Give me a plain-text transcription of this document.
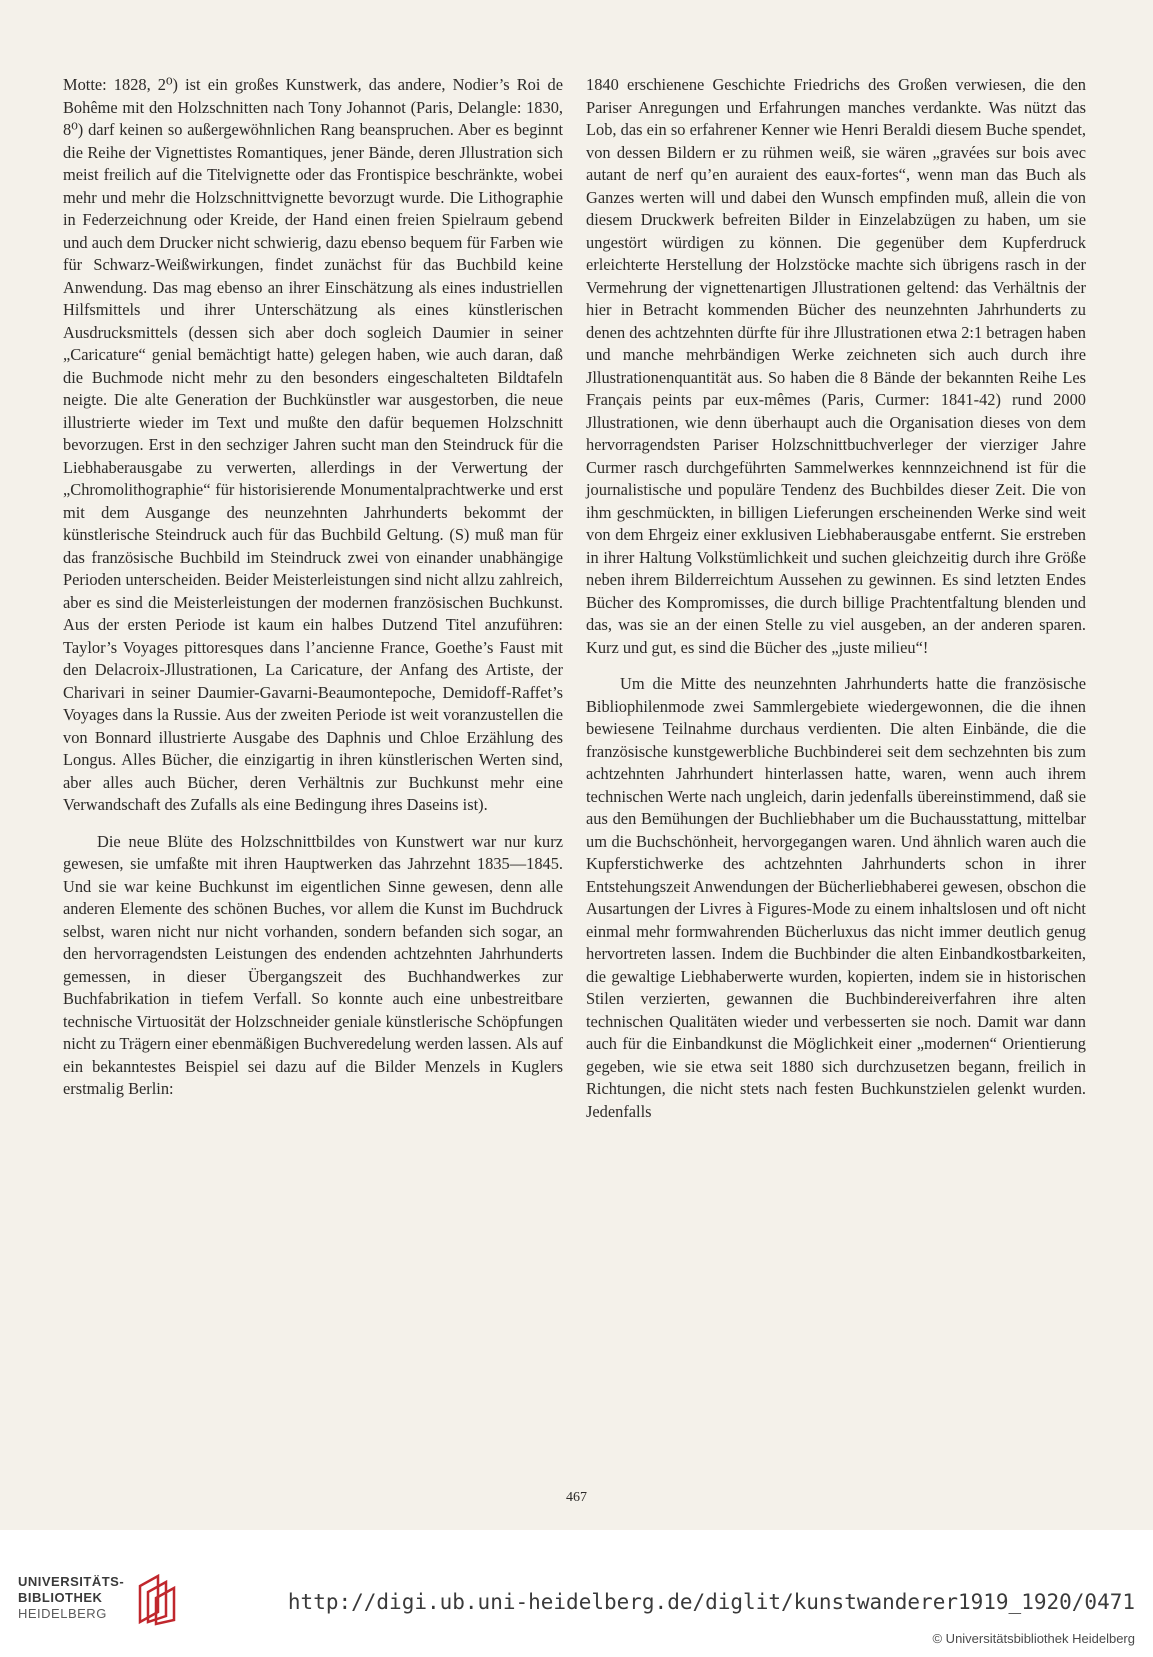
Motte: 1828, 2⁰) ist ein großes Kunstwerk, das andere, Nodier’s Roi de Bohême mit den Holzschnitten nach Tony Johannot (Paris, Delangle: 1830, 8⁰) darf keinen so außergewöhnlichen Rang beanspruchen. Aber es beginnt die Reihe der Vignettistes Romantiques, jener Bände, deren Jllustration sich meist freilich auf die Titelvignette oder das Frontispice beschränkte, wobei mehr und mehr die Holzschnittvignette bevorzugt wurde. Die Lithographie in Federzeichnung oder Kreide, der Hand einen freien Spielraum gebend und auch dem Drucker nicht schwierig, dazu ebenso bequem für Farben wie für Schwarz-Weißwirkungen, findet zunächst für das Buchbild keine Anwendung. Das mag ebenso an ihrer Einschätzung als eines industriellen Hilfsmittels und ihrer Unterschätzung als eines künstlerischen Ausdrucksmittels (dessen sich aber doch sogleich Daumier in seiner „Caricature“ genial bemächtigt hatte) gelegen haben, wie auch daran, daß die Buchmode nicht mehr zu den besonders eingeschalteten Bildtafeln neigte. Die alte Generation der Buchkünstler war ausgestorben, die neue illustrierte wieder im Text und mußte den dafür bequemen Holzschnitt bevorzugen. Erst in den sechziger Jahren sucht man den Steindruck für die Liebhaberausgabe zu verwerten, allerdings in der Verwertung der „Chromolithographie“ für historisierende Monumentalprachtwerke und erst mit dem Ausgange des neunzehnten Jahrhunderts bekommt der künstlerische Steindruck auch für das Buchbild Geltung. (S) muß man für das französische Buchbild im Steindruck zwei von einander unabhängige Perioden unterscheiden. Beider Meisterleistungen sind nicht allzu zahlreich, aber es sind die Meisterleistungen der modernen französischen Buchkunst. Aus der ersten Periode ist kaum ein halbes Dutzend Titel anzuführen: Taylor’s Voyages pittoresques dans l’ancienne France, Goethe’s Faust mit den Delacroix-Jllustrationen, La Caricature, der Anfang des Artiste, der Charivari in seiner Daumier-Gavarni-Beaumontepoche, Demidoff-Raffet’s Voyages dans la Russie. Aus der zweiten Periode ist weit voranzustellen die von Bonnard illustrierte Ausgabe des Daphnis und Chloe Erzählung des Longus. Alles Bücher, die einzigartig in ihren künstlerischen Werten sind, aber alles auch Bücher, deren Verhältnis zur Buchkunst mehr eine Verwandschaft des Zufalls als eine Bedingung ihres Daseins ist).

Die neue Blüte des Holzschnittbildes von Kunstwert war nur kurz gewesen, sie umfaßte mit ihren Hauptwerken das Jahrzehnt 1835—1845. Und sie war keine Buchkunst im eigentlichen Sinne gewesen, denn alle anderen Elemente des schönen Buches, vor allem die Kunst im Buchdruck selbst, waren nicht nur nicht vorhanden, sondern befanden sich sogar, an den hervorragendsten Leistungen des endenden achtzehnten Jahrhunderts gemessen, in dieser Übergangszeit des Buchhandwerkes zur Buchfabrikation in tiefem Verfall. So konnte auch eine unbestreitbare technische Virtuosität der Holzschneider geniale künstlerische Schöpfungen nicht zu Trägern einer ebenmäßigen Buchveredelung werden lassen. Als auf ein bekanntestes Beispiel sei dazu auf die Bilder Menzels in Kuglers erstmalig Berlin:

1840 erschienene Geschichte Friedrichs des Großen verwiesen, die den Pariser Anregungen und Erfahrungen manches verdankte. Was nützt das Lob, das ein so erfahrener Kenner wie Henri Beraldi diesem Buche spendet, von dessen Bildern er zu rühmen weiß, sie wären „gravées sur bois avec autant de nerf qu’en auraient des eaux-fortes“, wenn man das Buch als Ganzes werten will und dabei den Wunsch empfinden muß, allein die von diesem Druckwerk befreiten Bilder in Einzelabzügen zu haben, um sie ungestört würdigen zu können. Die gegenüber dem Kupferdruck erleichterte Herstellung der Holzstöcke machte sich übrigens rasch in der Vermehrung der vignettenartigen Jllustrationen geltend: das Verhältnis der hier in Betracht kommenden Bücher des neunzehnten Jahrhunderts zu denen des achtzehnten dürfte für ihre Jllustrationen etwa 2:1 betragen haben und manche mehrbändigen Werke zeichneten sich auch durch ihre Jllustrationenquantität aus. So haben die 8 Bände der bekannten Reihe Les Français peints par eux-mêmes (Paris, Curmer: 1841-42) rund 2000 Jllustrationen, wie denn überhaupt auch die Organisation dieses von dem hervorragendsten Pariser Holzschnittbuchverleger der vierziger Jahre Curmer rasch durchgeführten Sammelwerkes kennnzeichnend ist für die journalistische und populäre Tendenz des Buchbildes dieser Zeit. Die von ihm geschmückten, in billigen Lieferungen erscheinenden Werke sind weit von dem Ehrgeiz einer exklusiven Liebhaberausgabe entfernt. Sie erstreben in ihrer Haltung Volkstümlichkeit und suchen gleichzeitig durch ihre Größe neben ihrem Bilderreichtum Aussehen zu gewinnen. Es sind letzten Endes Bücher des Kompromisses, die durch billige Prachtentfaltung blenden und das, was sie an der einen Stelle zu viel ausgeben, an der anderen sparen. Kurz und gut, es sind die Bücher des „juste milieu“!

Um die Mitte des neunzehnten Jahrhunderts hatte die französische Bibliophilenmode zwei Sammlergebiete wiedergewonnen, die die ihnen bewiesene Teilnahme durchaus verdienten. Die alten Einbände, die die französische kunstgewerbliche Buchbinderei seit dem sechzehnten bis zum achtzehnten Jahrhundert hinterlassen hatte, waren, wenn auch ihrem technischen Werte nach ungleich, darin jedenfalls übereinstimmend, daß sie aus den Bemühungen der Buchliebhaber um die Buchausstattung, mittelbar um die Buchschönheit, hervorgegangen waren. Und ähnlich waren auch die Kupferstichwerke des achtzehnten Jahrhunderts schon in ihrer Entstehungszeit Anwendungen der Bücherliebhaberei gewesen, obschon die Ausartungen der Livres à Figures-Mode zu einem inhaltslosen und oft nicht einmal mehr formwahrenden Bücherluxus das nicht immer deutlich genug hervortreten lassen. Indem die Buchbinder die alten Einbandkostbarkeiten, die gewaltige Liebhaberwerte wurden, kopierten, indem sie in historischen Stilen verzierten, gewannen die Buchbindereiverfahren ihre alten technischen Qualitäten wieder und verbesserten sie noch. Damit war dann auch für die Einbandkunst die Möglichkeit einer „modernen“ Orientierung gegeben, wie sie etwa seit 1880 sich durchzusetzen begann, freilich in Richtungen, die nicht stets nach festen Buchkunstzielen gelenkt wurden. Jedenfalls

467
UNIVERSITÄTS-
BIBLIOTHEK
HEIDELBERG	http://digi.ub.uni-heidelberg.de/diglit/kunstwanderer1919_1920/0471
© Universitätsbibliothek Heidelberg
